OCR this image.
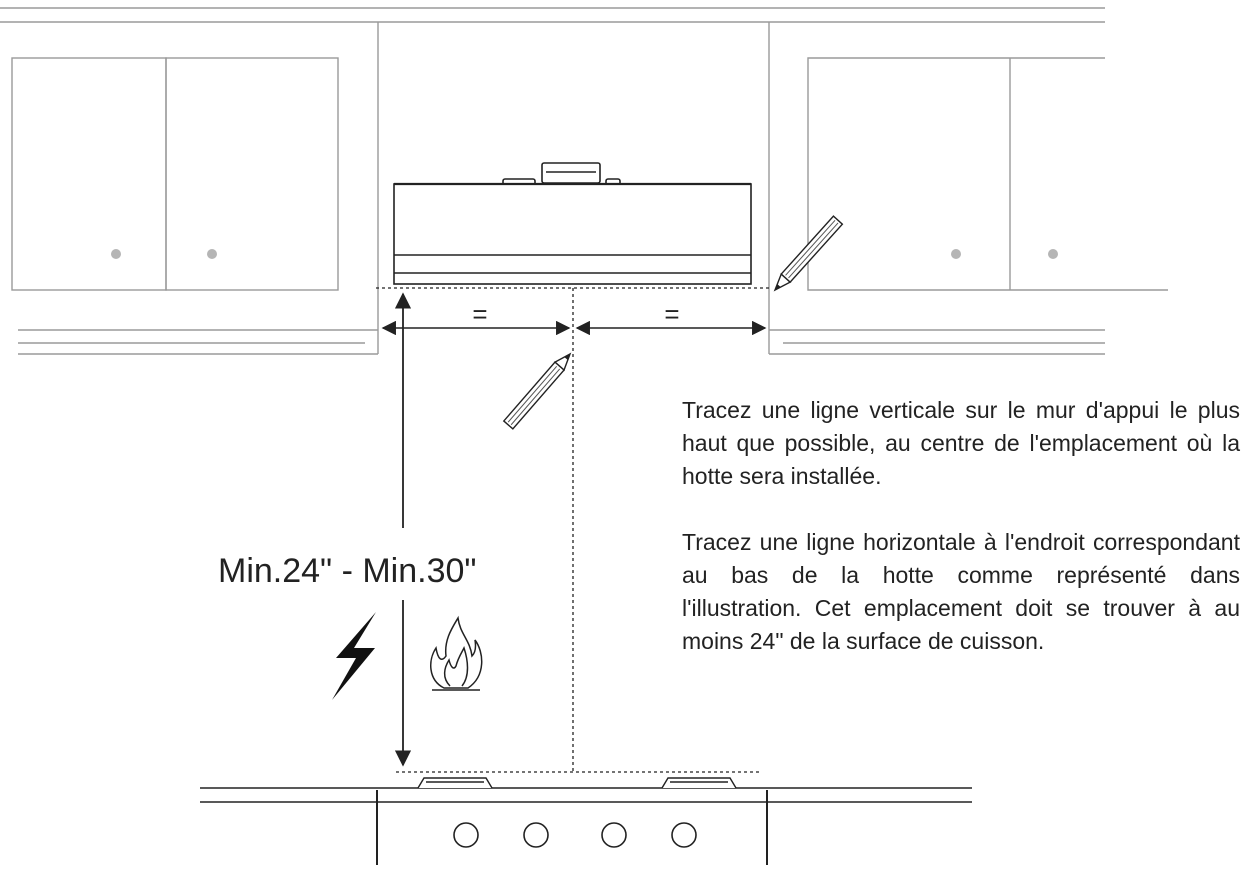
=	=
Min.24" - Min.30"

Tracez une ligne verticale sur le mur d'appui le plus haut que possible, au centre de l'emplacement où la hotte sera installée.

Tracez une ligne horizontale à l'endroit correspondant au bas de la hotte comme représenté dans l'illustration. Cet emplacement doit se trouver à au moins 24" de la surface de cuisson.
